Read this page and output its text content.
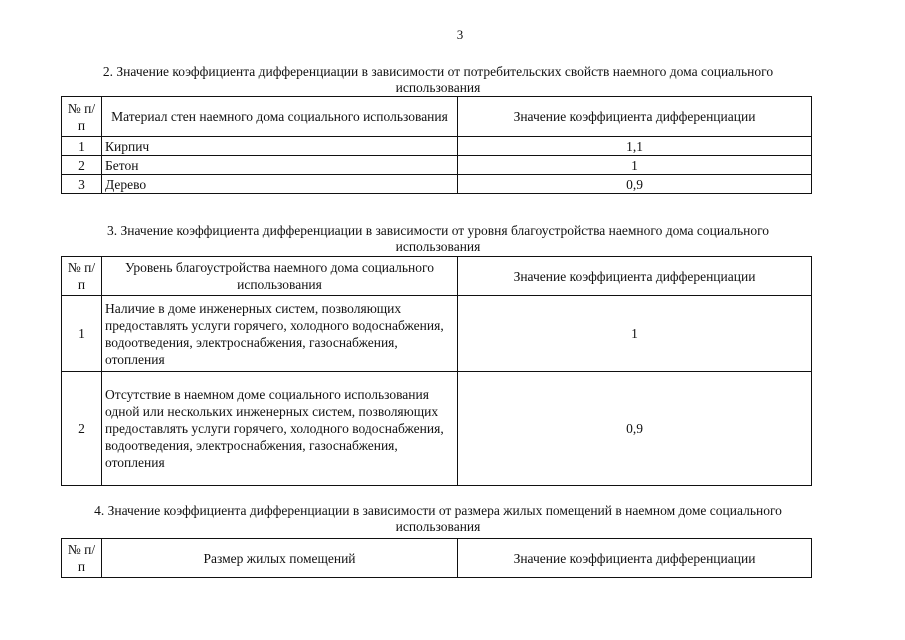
3
2. Значение коэффициента дифференциации в зависимости от потребительских свойств наемного дома социального использования
№ п/п	Материал стен наемного дома социального использования	Значение коэффициента дифференциации
1	Кирпич	1,1
2	Бетон	1
3	Дерево	0,9
3. Значение коэффициента дифференциации в зависимости от уровня благоустройства наемного дома социального использования
№ п/п	Уровень благоустройства наемного дома социального использования	Значение коэффициента дифференциации
1	Наличие в доме инженерных систем, позволяющих предоставлять услуги горячего, холодного водоснабжения, водоотведения, электроснабжения, газоснабжения, отопления	1
2	Отсутствие в наемном доме социального использования одной или нескольких инженерных систем, позволяющих предоставлять услуги горячего, холодного водоснабжения, водоотведения, электроснабжения, газоснабжения, отопления	0,9
4. Значение коэффициента дифференциации в зависимости от размера жилых помещений в наемном доме социального использования
№ п/п	Размер жилых помещений	Значение коэффициента дифференциации
